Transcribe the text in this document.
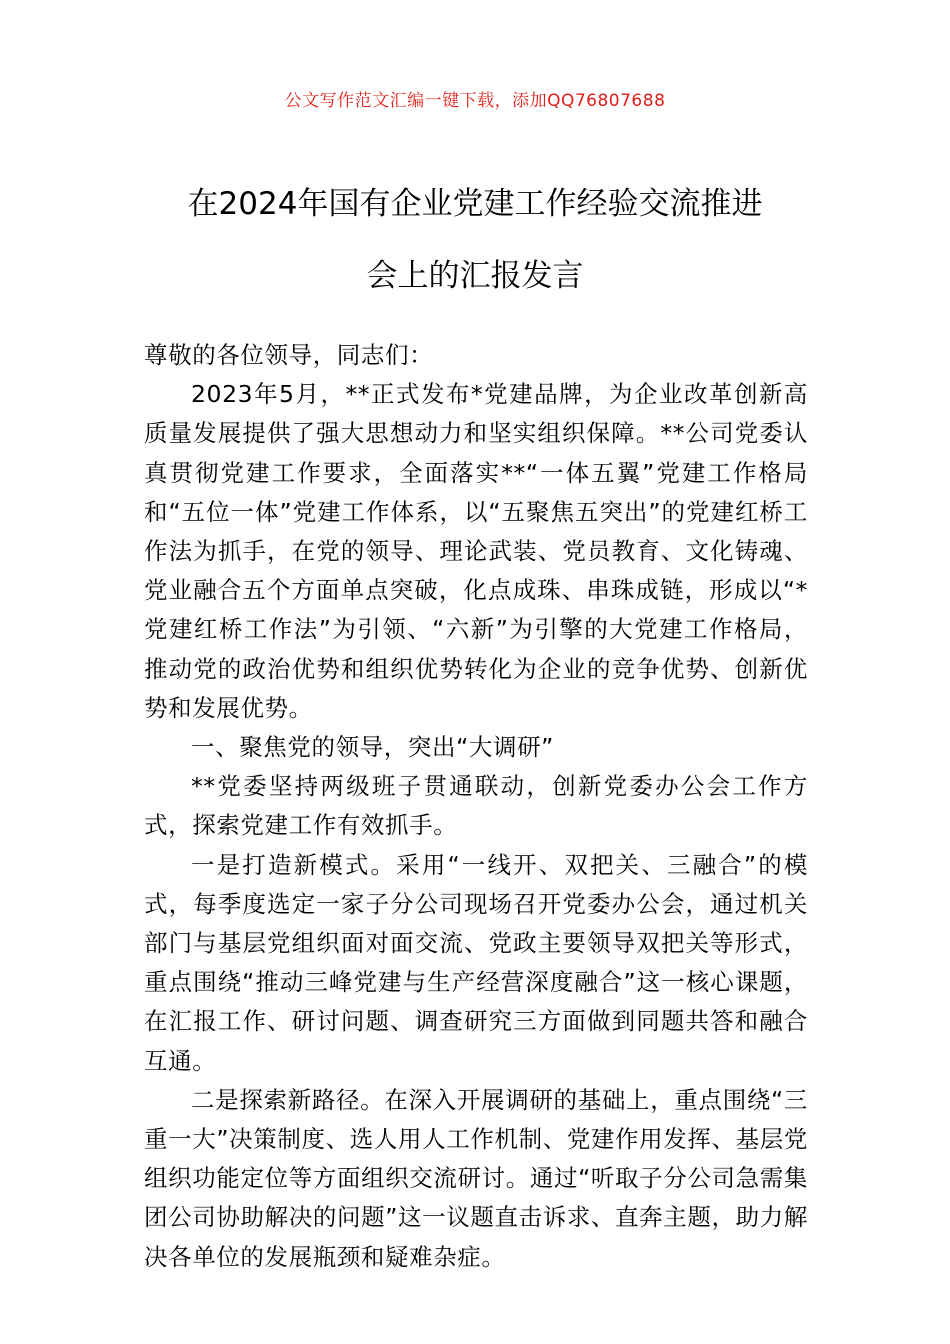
公文写作范文汇编一键下载，添加QQ76807688
在2024年国有企业党建工作经验交流推进
会上的汇报发言

尊敬的各位领导，同志们：

2023年5月，**正式发布*党建品牌，为企业改革创新高质量发展提供了强大思想动力和坚实组织保障。**公司党委认真贯彻党建工作要求，全面落实**“一体五翼”党建工作格局和“五位一体”党建工作体系，以“五聚焦五突出”的党建红桥工作法为抓手，在党的领导、理论武装、党员教育、文化铸魂、党业融合五个方面单点突破，化点成珠、串珠成链，形成以“*党建红桥工作法”为引领、“六新”为引擎的大党建工作格局，推动党的政治优势和组织优势转化为企业的竞争优势、创新优势和发展优势。

一、聚焦党的领导，突出“大调研”

**党委坚持两级班子贯通联动，创新党委办公会工作方式，探索党建工作有效抓手。

一是打造新模式。采用“一线开、双把关、三融合”的模式，每季度选定一家子分公司现场召开党委办公会，通过机关部门与基层党组织面对面交流、党政主要领导双把关等形式，重点围绕“推动三峰党建与生产经营深度融合”这一核心课题，在汇报工作、研讨问题、调查研究三方面做到同题共答和融合互通。

二是探索新路径。在深入开展调研的基础上，重点围绕“三重一大”决策制度、选人用人工作机制、党建作用发挥、基层党组织功能定位等方面组织交流研讨。通过“听取子分公司急需集团公司协助解决的问题”这一议题直击诉求、直奔主题，助力解决各单位的发展瓶颈和疑难杂症。
